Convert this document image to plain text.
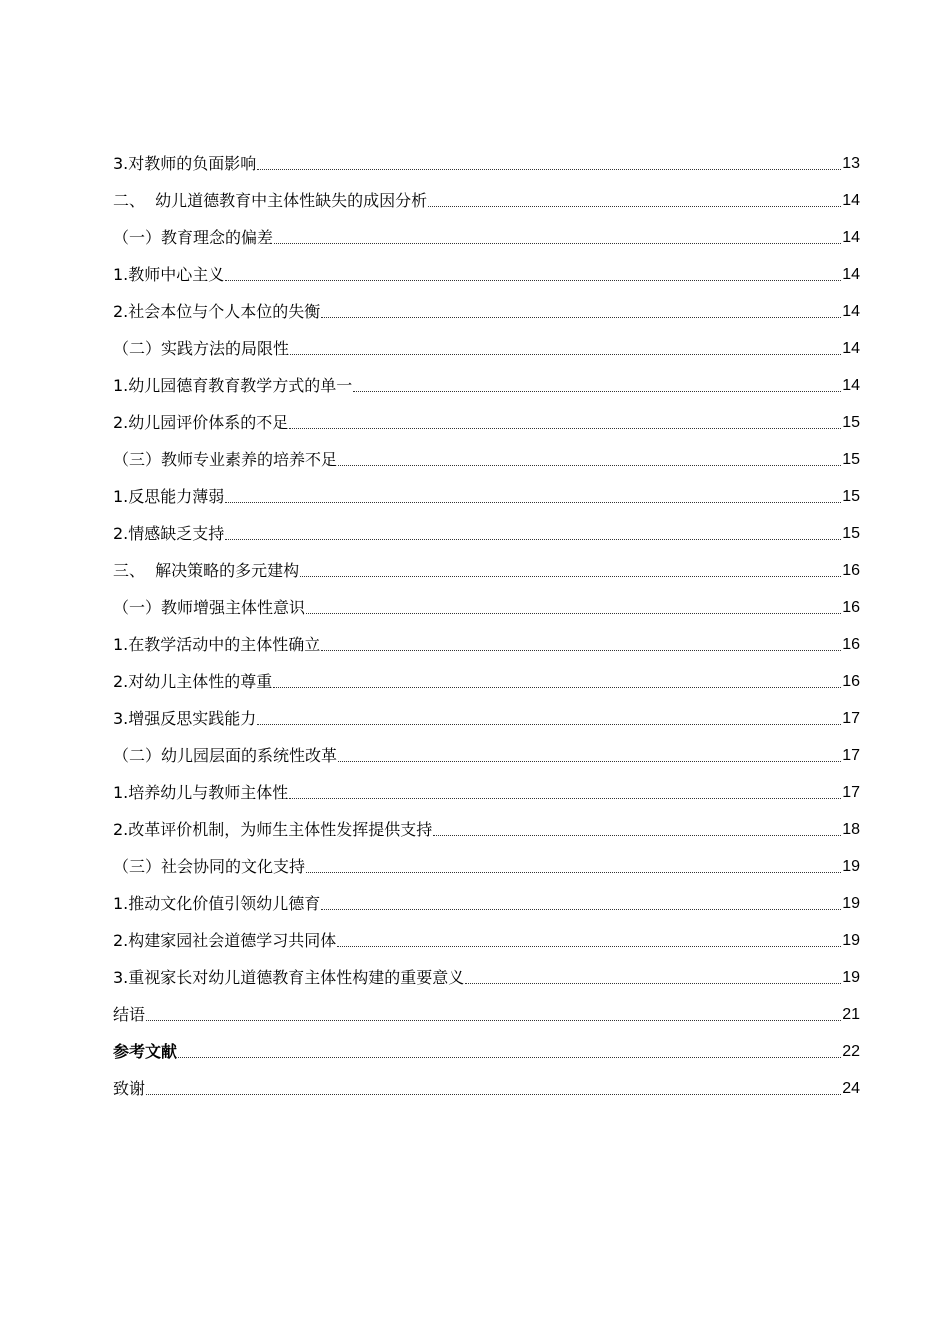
3.对教师的负面影响	13
二、  幼儿道德教育中主体性缺失的成因分析	14
（一）教育理念的偏差	14
1.教师中心主义	14
2.社会本位与个人本位的失衡	14
（二）实践方法的局限性	14
1.幼儿园德育教育教学方式的单一	14
2.幼儿园评价体系的不足	15
（三）教师专业素养的培养不足	15
1.反思能力薄弱	15
2.情感缺乏支持	15
三、  解决策略的多元建构	16
（一）教师增强主体性意识	16
1.在教学活动中的主体性确立	16
2.对幼儿主体性的尊重	16
3.增强反思实践能力	17
（二）幼儿园层面的系统性改革	17
1.培养幼儿与教师主体性	17
2.改革评价机制，为师生主体性发挥提供支持	18
（三）社会协同的文化支持	19
1.推动文化价值引领幼儿德育	19
2.构建家园社会道德学习共同体	19
3.重视家长对幼儿道德教育主体性构建的重要意义	19
结语	21
参考文献	22
致谢	24
